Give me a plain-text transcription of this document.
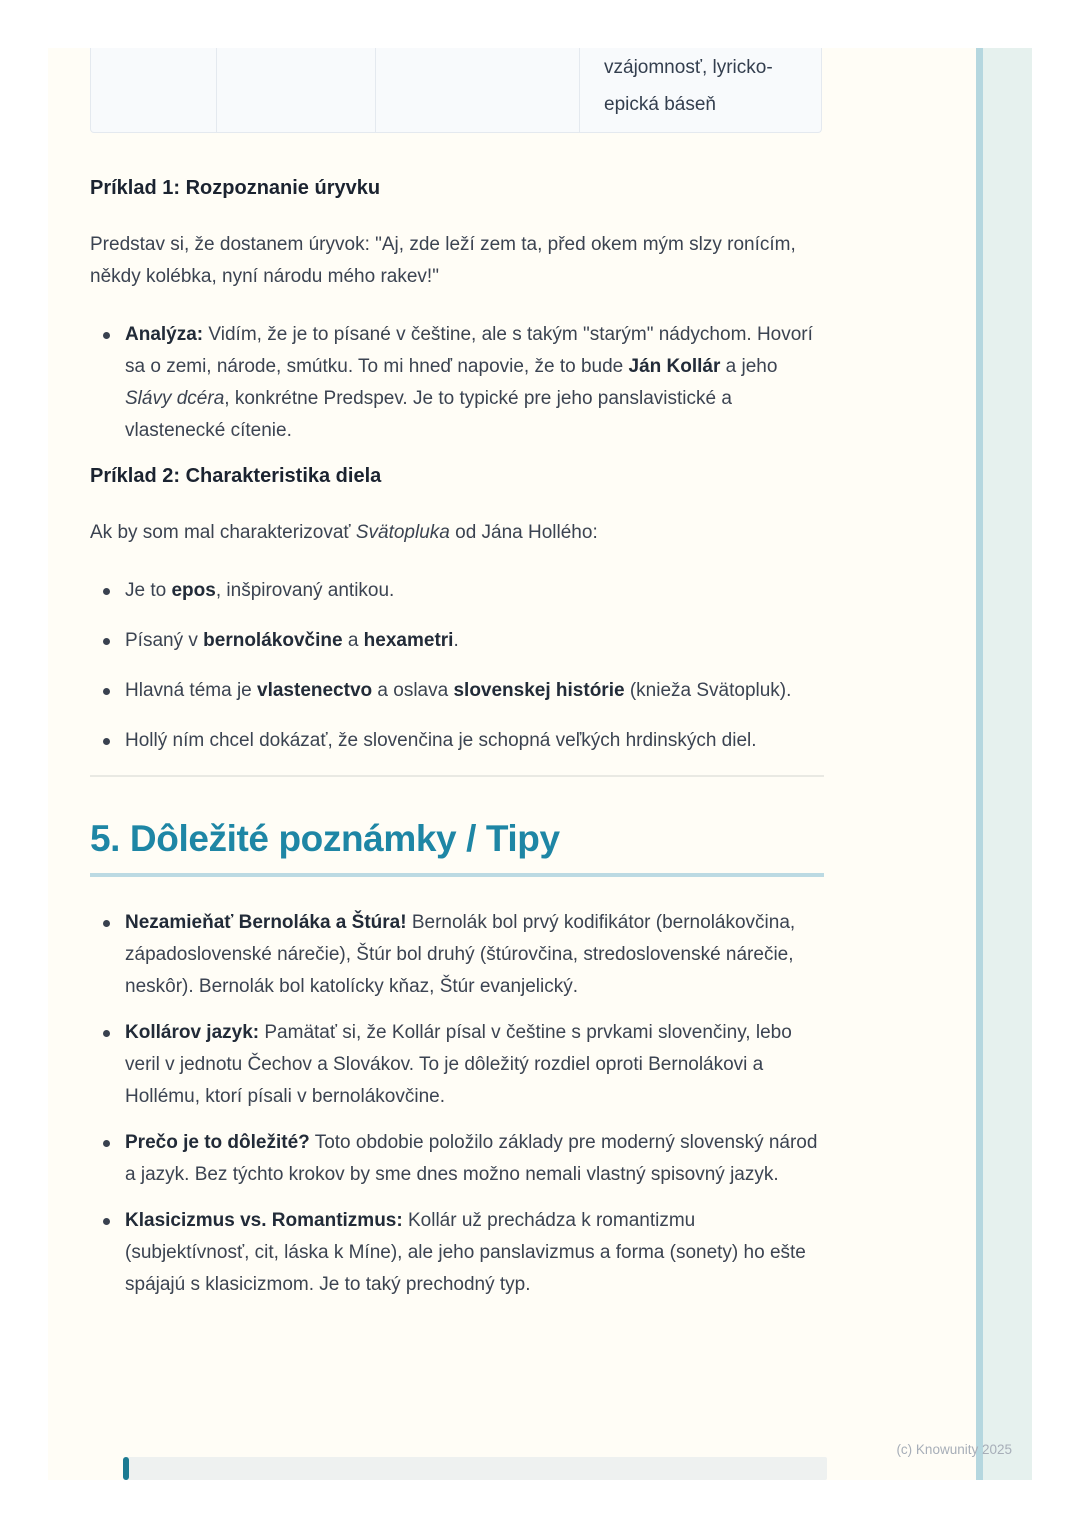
vzájomnosť, lyricko-epická báseň
Príklad 1: Rozpoznanie úryvku

Predstav si, že dostanem úryvok: "Aj, zde leží zem ta, před okem mým slzy ronícím, někdy kolébka, nyní národu mého rakev!"

Analýza: Vidím, že je to písané v češtine, ale s takým "starým" nádychom. Hovorí sa o zemi, národe, smútku. To mi hneď napovie, že to bude Ján Kollár a jeho Slávy dcéra, konkrétne Predspev. Je to typické pre jeho panslavistické a vlastenecké cítenie.
Príklad 2: Charakteristika diela

Ak by som mal charakterizovať Svätopluka od Jána Hollého:

Je to epos, inšpirovaný antikou.
Písaný v bernolákovčine a hexametri.
Hlavná téma je vlastenectvo a oslava slovenskej histórie (knieža Svätopluk).
Hollý ním chcel dokázať, že slovenčina je schopná veľkých hrdinských diel.
5. Dôležité poznámky / Tipy
Nezamieňať Bernoláka a Štúra! Bernolák bol prvý kodifikátor (bernolákovčina, západoslovenské nárečie), Štúr bol druhý (štúrovčina, stredoslovenské nárečie, neskôr). Bernolák bol katolícky kňaz, Štúr evanjelický.
Kollárov jazyk: Pamätať si, že Kollár písal v češtine s prvkami slovenčiny, lebo veril v jednotu Čechov a Slovákov. To je dôležitý rozdiel oproti Bernolákovi a Hollému, ktorí písali v bernolákovčine.
Prečo je to dôležité? Toto obdobie položilo základy pre moderný slovenský národ a jazyk. Bez týchto krokov by sme dnes možno nemali vlastný spisovný jazyk.
Klasicizmus vs. Romantizmus: Kollár už prechádza k romantizmu (subjektívnosť, cit, láska k Míne), ale jeho panslavizmus a forma (sonety) ho ešte spájajú s klasicizmom. Je to taký prechodný typ.
(c) Knowunity 2025
